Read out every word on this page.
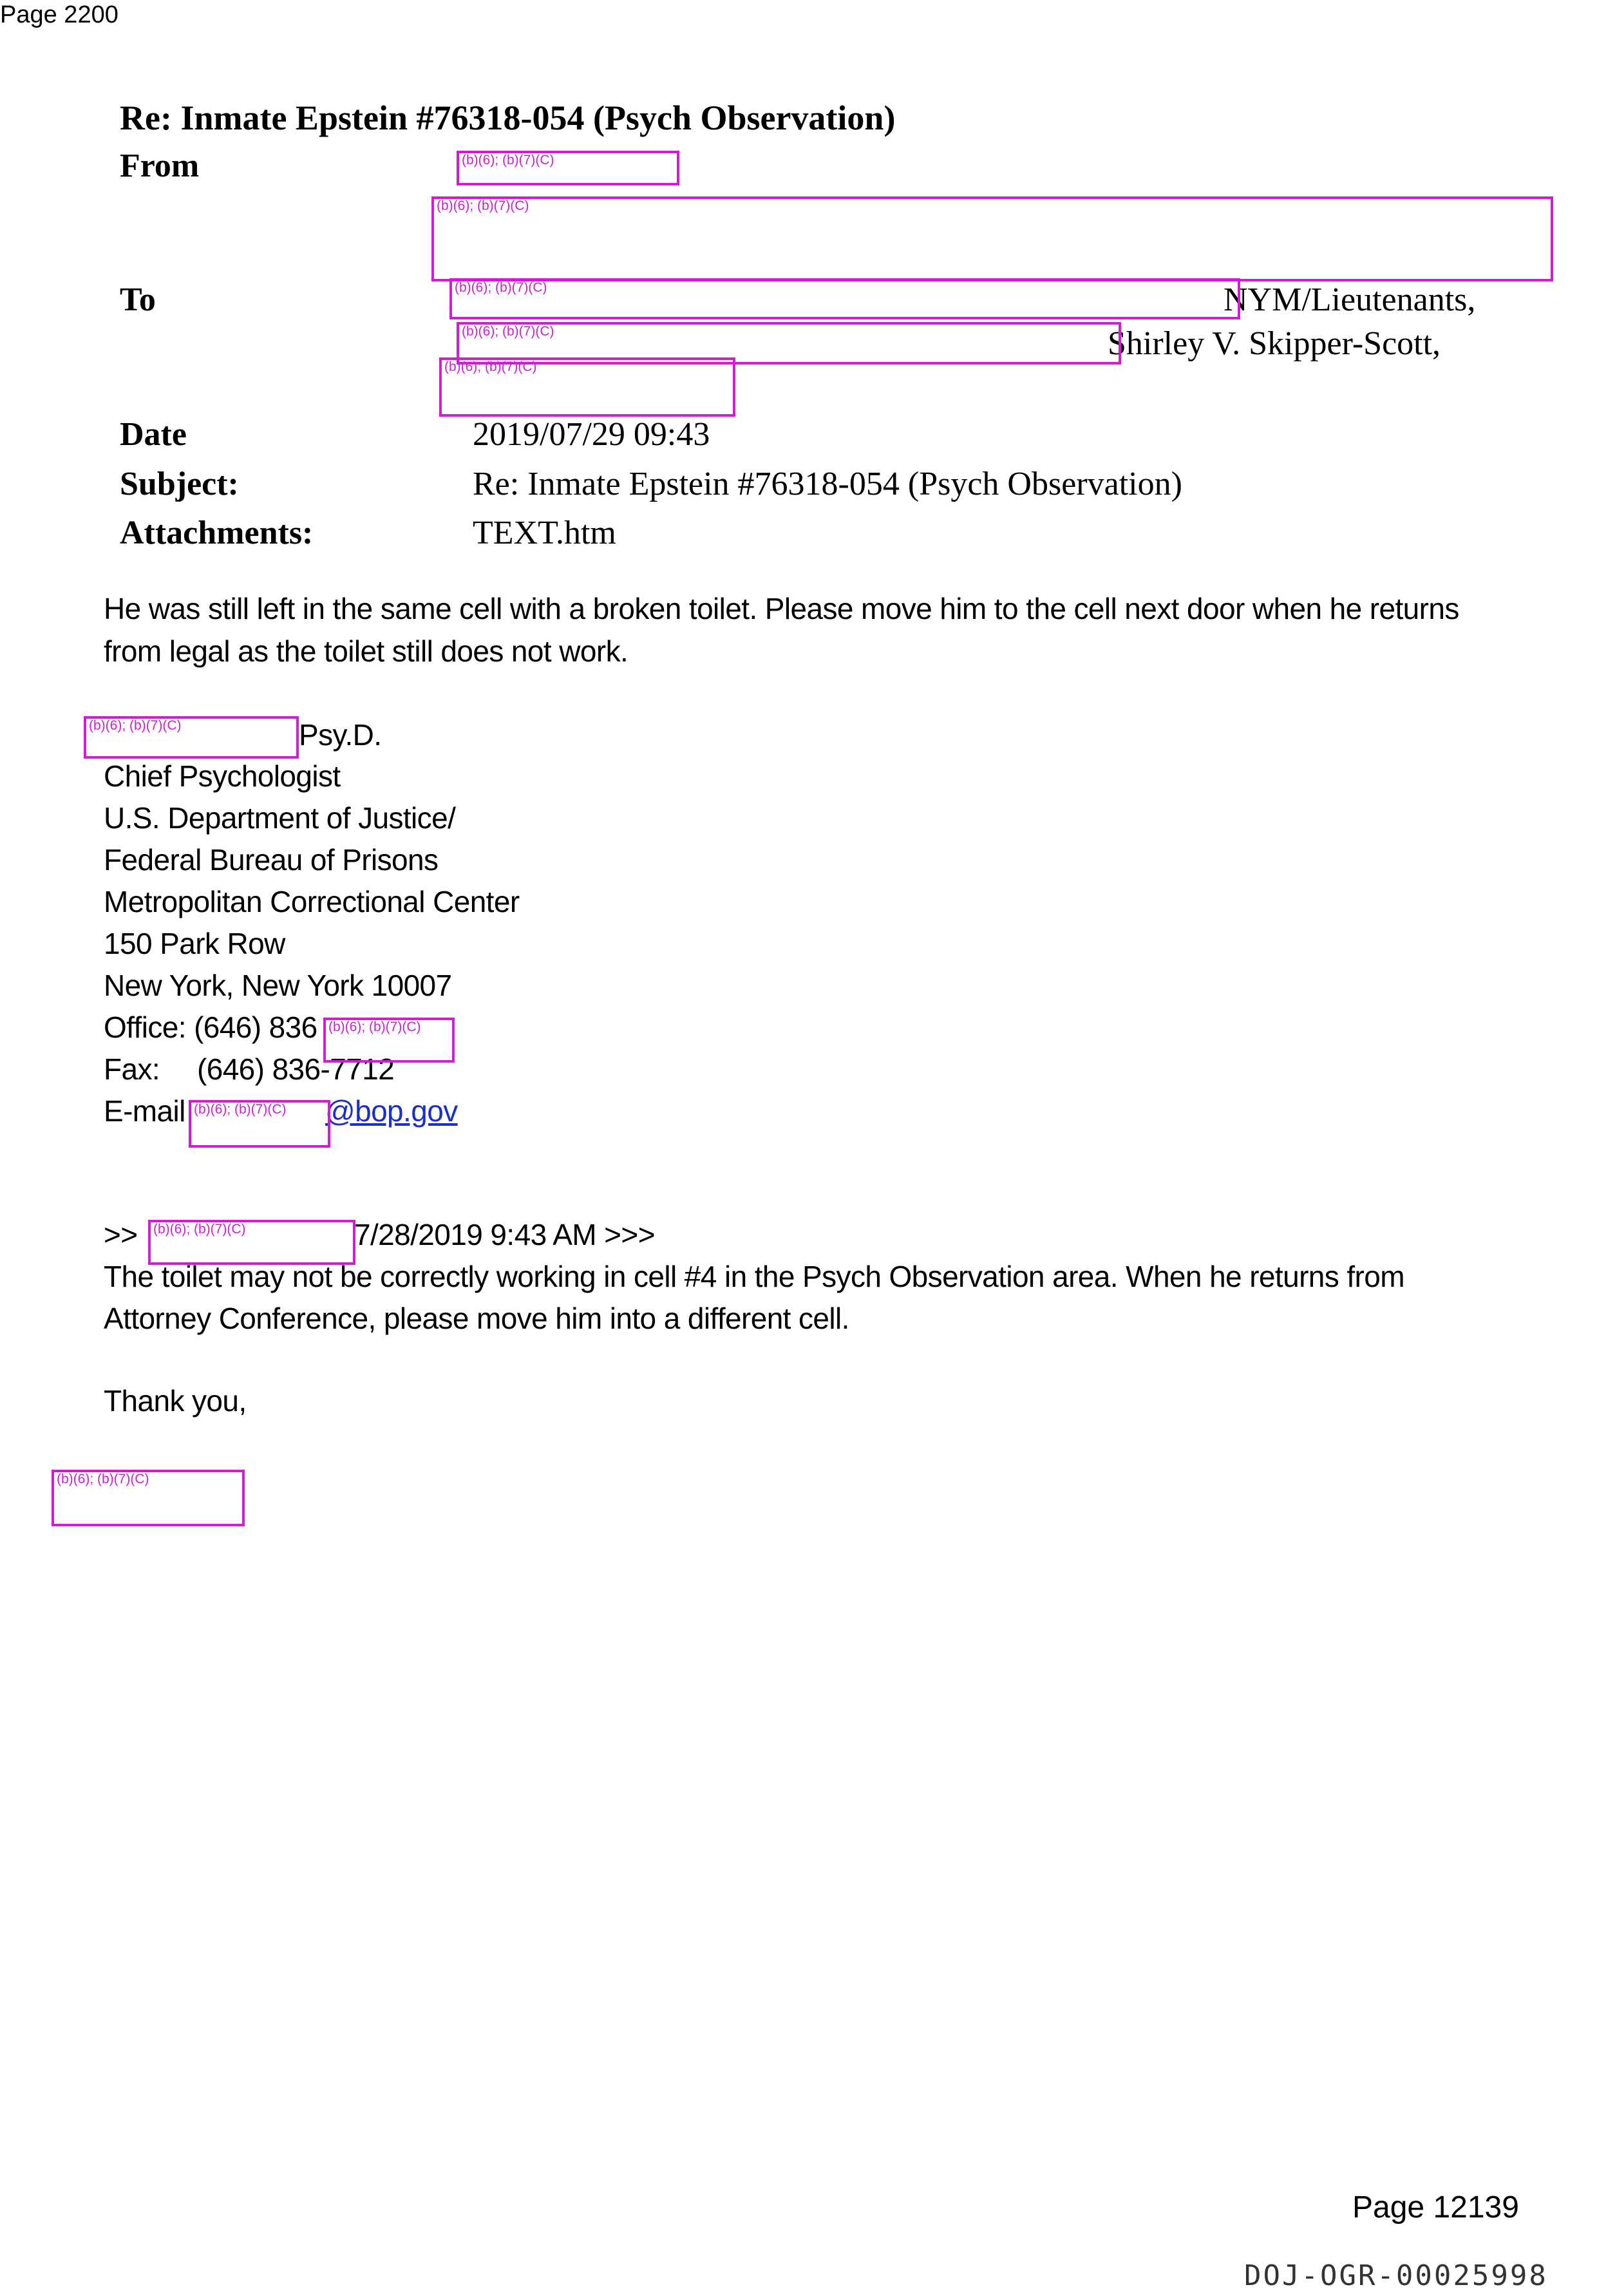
Page 2200
Re: Inmate Epstein #76318-054 (Psych Observation)
From
To	NYM/Lieutenants,
Shirley V. Skipper-Scott,
Date	2019/07/29 09:43
Subject:	Re: Inmate Epstein #76318-054 (Psych Observation)
Attachments:	TEXT.htm
He was still left in the same cell with a broken toilet. Please move him to the cell next door when he returns
from legal as the toilet still does not work.
Psy.D.
Chief Psychologist
U.S. Department of Justice/
Federal Bureau of Prisons
Metropolitan Correctional Center
150 Park Row
New York, New York 10007
Office: (646) 836
Fax: (646) 836-7712
E-mail	@bop.gov
>>	7/28/2019 9:43 AM >>>
The toilet may not be correctly working in cell #4 in the Psych Observation area. When he returns from
Attorney Conference, please move him into a different cell.
Thank you,
(b)(6); (b)(7)(C)
(b)(6); (b)(7)(C)
(b)(6); (b)(7)(C)
(b)(6); (b)(7)(C)
(b)(6); (b)(7)(C)
(b)(6); (b)(7)(C)
(b)(6); (b)(7)(C)
(b)(6); (b)(7)(C)
(b)(6); (b)(7)(C)
(b)(6); (b)(7)(C)
Page 12139
DOJ-OGR-00025998
